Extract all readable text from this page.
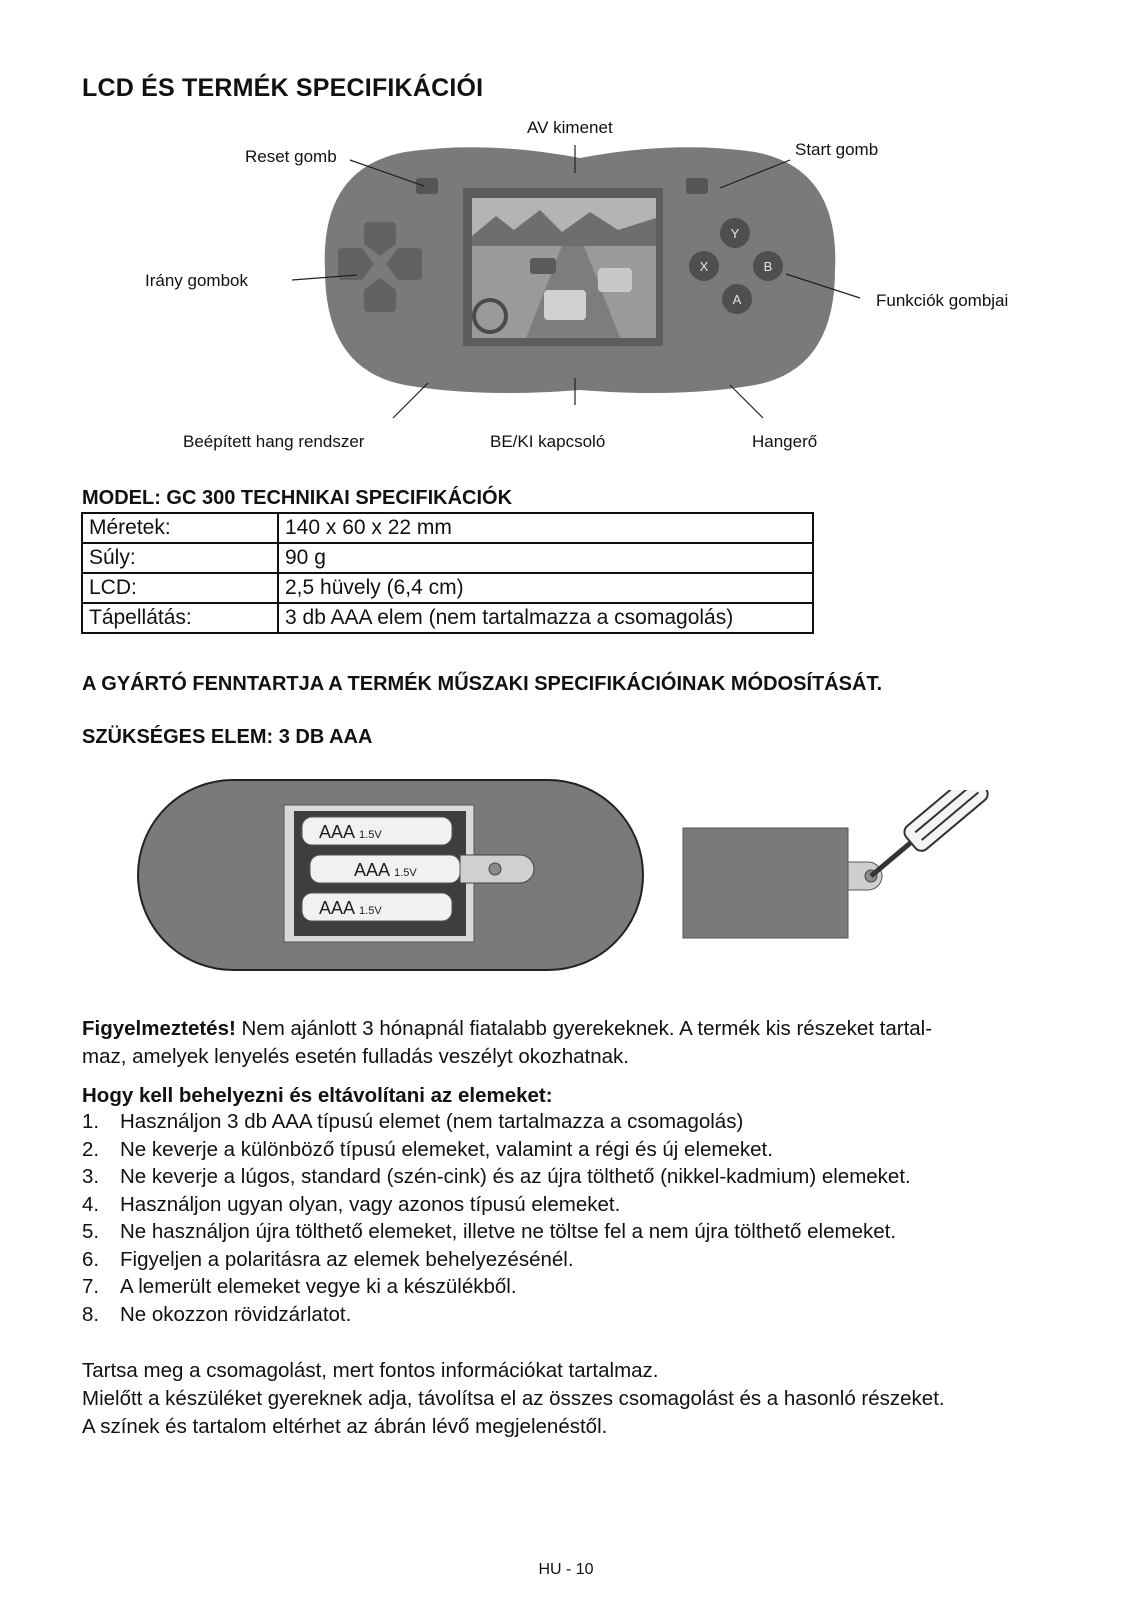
LCD ÉS TERMÉK SPECIFIKÁCIÓI
Y
X	B
A
AV kimenet
Reset gomb	Start gomb
Irány gombok
Funkciók gombjai
Beépített hang rendszer	BE/KI kapcsoló	Hangerő
MODEL: GC 300 TECHNIKAI SPECIFIKÁCIÓK
Méretek:	140 x 60 x 22 mm
Súly:	90 g
LCD:	2,5 hüvely (6,4 cm)
Tápellátás:	3 db AAA elem (nem tartalmazza a csomagolás)
A GYÁRTÓ FENNTARTJA A TERMÉK MŰSZAKI SPECIFIKÁCIÓINAK MÓDOSÍTÁSÁT.
SZÜKSÉGES ELEM: 3 DB AAA
AAA 1.5V
AAA 1.5V
AAA 1.5V

Figyelmeztetés! Nem ajánlott 3 hónapnál fiatalabb gyerekeknek. A termék kis részeket tartal-
maz, amelyek lenyelés esetén fulladás veszélyt okozhatnak.

Hogy kell behelyezni és eltávolítani az elemeket:
1.	Használjon 3 db AAA típusú elemet (nem tartalmazza a csomagolás)
2.	Ne keverje a különböző típusú elemeket, valamint a régi és új elemeket.
3.	Ne keverje a lúgos, standard (szén-cink) és az újra tölthető (nikkel-kadmium) elemeket.
4.	Használjon ugyan olyan, vagy azonos típusú elemeket.
5.	Ne használjon újra tölthető elemeket, illetve ne töltse fel a nem újra tölthető elemeket.
6.	Figyeljen a polaritásra az elemek behelyezésénél.
7.	A lemerült elemeket vegye ki a készülékből.
8.	Ne okozzon rövidzárlatot.
Tartsa meg a csomagolást, mert fontos információkat tartalmaz.
Mielőtt a készüléket gyereknek adja, távolítsa el az összes csomagolást és a hasonló részeket.
A színek és tartalom eltérhet az ábrán lévő megjelenéstől.
HU - 10
